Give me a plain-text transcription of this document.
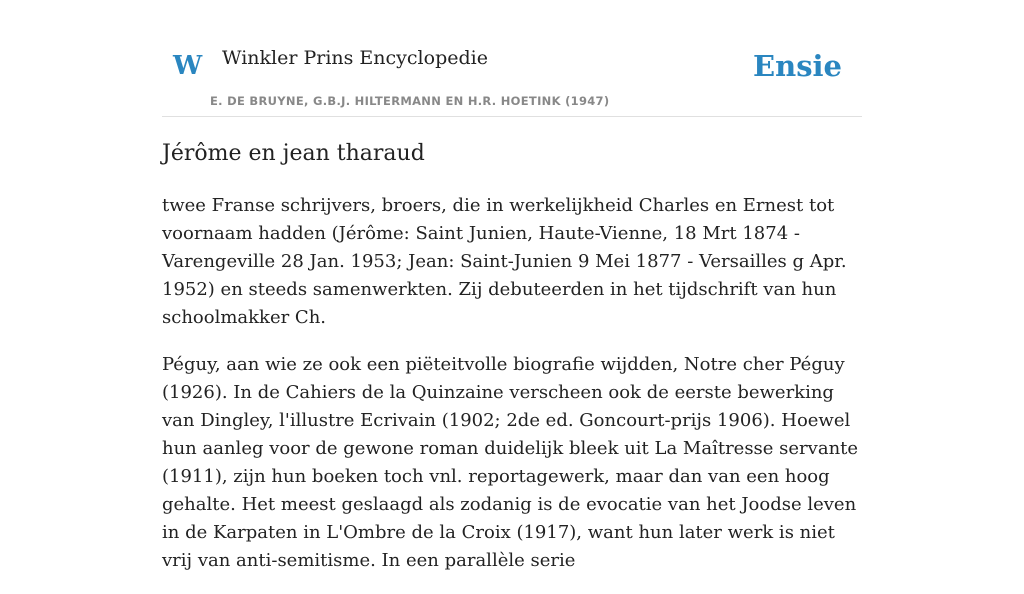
W Winkler Prins Encyclopedie
E. DE BRUYNE, G.B.J. HILTERMANN EN H.R. HOETINK (1947)
Ensie
Jérôme en jean tharaud

twee Franse schrijvers, broers, die in werkelijkheid Charles en Ernest tot voornaam hadden (Jérôme: Saint Junien, Haute-Vienne, 18 Mrt 1874 - Varengeville 28 Jan. 1953; Jean: Saint-Junien 9 Mei 1877 - Versailles g Apr. 1952) en steeds samenwerkten. Zij debuteerden in het tijdschrift van hun schoolmakker Ch.

Péguy, aan wie ze ook een piëteitvolle biografie wijdden, Notre cher Péguy (1926). In de Cahiers de la Quinzaine verscheen ook de eerste bewerking van Dingley, l'illustre Ecrivain (1902; 2de ed. Goncourt-prijs 1906). Hoewel hun aanleg voor de gewone roman duidelijk bleek uit La Maîtresse servante (1911), zijn hun boeken toch vnl. reportagewerk, maar dan van een hoog gehalte. Het meest geslaagd als zodanig is de evocatie van het Joodse leven in de Karpaten in L'Ombre de la Croix (1917), want hun later werk is niet vrij van anti-semitisme. In een parallèle serie
